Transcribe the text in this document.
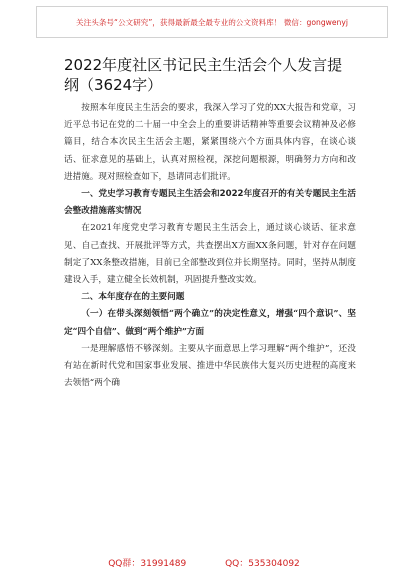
关注头条号“公文研究”，获得最新最全最专业的公文资料库！ 微信：gongwenyj
2022年度社区书记民主生活会个人发言提纲（3624字）

按照本年度民主生活会的要求，我深入学习了党的XX大报告和党章，习近平总书记在党的二十届一中全会上的重要讲话精神等重要会议精神及必修篇目，结合本次民主生活会主题，紧紧围绕六个方面具体内容，在谈心谈话、征求意见的基础上，认真对照检视，深挖问题根源，明确努力方向和改进措施。现对照检查如下，恳请同志们批评。

一、党史学习教育专题民主生活会和2022年度召开的有关专题民主生活会整改措施落实情况

在2021年度党史学习教育专题民主生活会上，通过谈心谈话、征求意见、自己查找、开展批评等方式，共查摆出X方面XX条问题，针对存在问题制定了XX条整改措施，目前已全部整改到位并长期坚持。同时，坚持从制度建设入手，建立健全长效机制，巩固提升整改实效。

二、本年度存在的主要问题

（一）在带头深刻领悟“两个确立”的决定性意义，增强“四个意识”、坚定“四个自信”、做到“两个维护”方面

一是理解感悟不够深刻。主要从字面意思上学习理解“两个维护”，还没有站在新时代党和国家事业发展、推进中华民族伟大复兴历史进程的高度来去领悟“两个确

QQ群：31991489	QQ：535304092
